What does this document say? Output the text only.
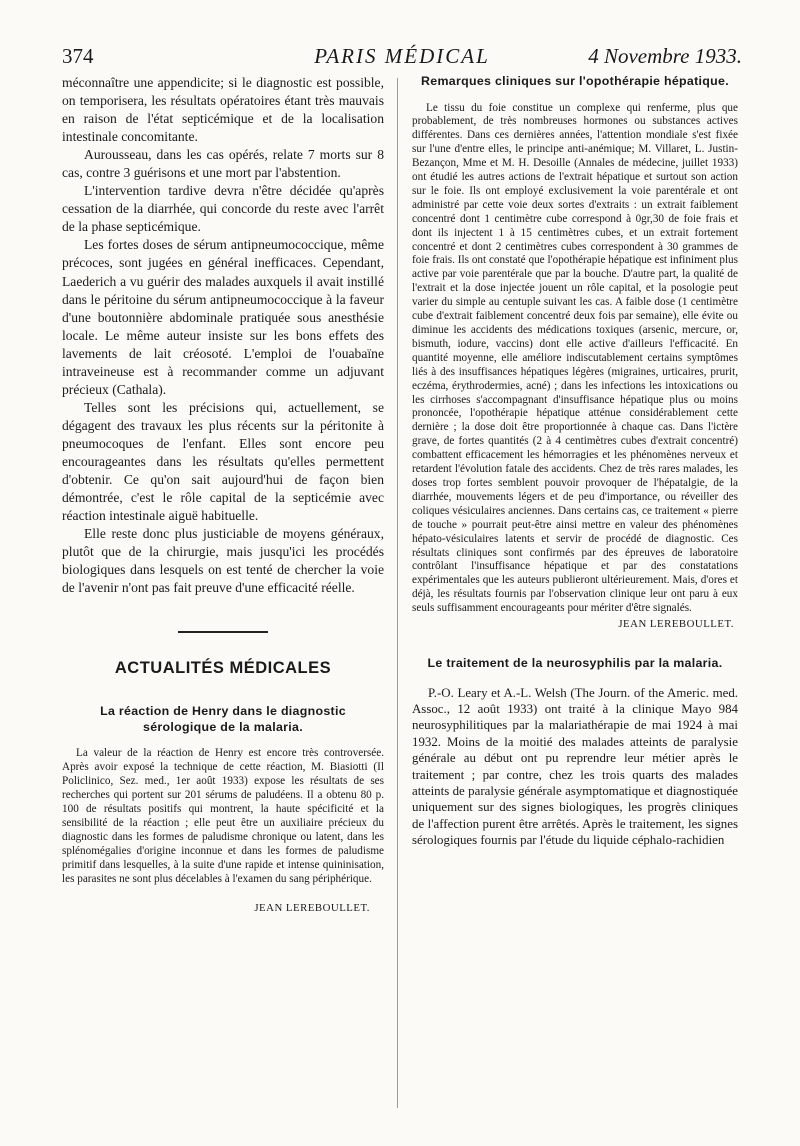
374	PARIS MÉDICAL	4 Novembre 1933.

méconnaître une appendicite; si le diagnostic est possible, on temporisera, les résultats opératoires étant très mauvais en raison de l'état septicémique et de la localisation intestinale concomitante.

Aurousseau, dans les cas opérés, relate 7 morts sur 8 cas, contre 3 guérisons et une mort par l'abstention.

L'intervention tardive devra n'être décidée qu'après cessation de la diarrhée, qui concorde du reste avec l'arrêt de la phase septicémique.

Les fortes doses de sérum antipneumococcique, même précoces, sont jugées en général inefficaces. Cependant, Laederich a vu guérir des malades auxquels il avait instillé dans le péritoine du sérum antipneumococcique à la faveur d'une boutonnière abdominale pratiquée sous anesthésie locale. Le même auteur insiste sur les bons effets des lavements de lait créosoté. L'emploi de l'ouabaïne intraveineuse est à recommander comme un adjuvant précieux (Cathala).

Telles sont les précisions qui, actuellement, se dégagent des travaux les plus récents sur la péritonite à pneumocoques de l'enfant. Elles sont encore peu encourageantes dans les résultats qu'elles permettent d'obtenir. Ce qu'on sait aujourd'hui de façon bien démontrée, c'est le rôle capital de la septicémie avec réaction intestinale aiguë habituelle.

Elle reste donc plus justiciable de moyens généraux, plutôt que de la chirurgie, mais jusqu'ici les procédés biologiques dans lesquels on est tenté de chercher la voie de l'avenir n'ont pas fait preuve d'une efficacité réelle.

ACTUALITÉS MÉDICALES
La réaction de Henry dans le diagnostic sérologique de la malaria.

La valeur de la réaction de Henry est encore très controversée. Après avoir exposé la technique de cette réaction, M. Biasiotti (Il Policlinico, Sez. med., 1er août 1933) expose les résultats de ses recherches qui portent sur 201 sérums de paludéens. Il a obtenu 80 p. 100 de résultats positifs qui montrent, la haute spécificité et la sensibilité de la réaction ; elle peut être un auxiliaire précieux du diagnostic dans les formes de paludisme chronique ou latent, dans les splénomégalies d'origine inconnue et dans les formes de paludisme primitif dans lesquelles, à la suite d'une rapide et intense quininisation, les parasites ne sont plus décelables à l'examen du sang périphérique.

JEAN LEREBOULLET.
Remarques cliniques sur l'opothérapie hépatique.

Le tissu du foie constitue un complexe qui renferme, plus que probablement, de très nombreuses hormones ou substances actives différentes. Dans ces dernières années, l'attention mondiale s'est fixée sur l'une d'entre elles, le principe anti-anémique; M. Villaret, L. Justin-Bezançon, Mme et M. H. Desoille (Annales de médecine, juillet 1933) ont étudié les autres actions de l'extrait hépatique et surtout son action sur le foie. Ils ont employé exclusivement la voie parentérale et ont administré par cette voie deux sortes d'extraits : un extrait faiblement concentré dont 1 centimètre cube correspond à 0gr,30 de foie frais et dont ils injectent 1 à 15 centimètres cubes, et un extrait fortement concentré et dont 2 centimètres cubes correspondent à 30 grammes de foie frais. Ils ont constaté que l'opothérapie hépatique est infiniment plus active par voie parentérale que par la bouche. D'autre part, la qualité de l'extrait et la dose injectée jouent un rôle capital, et la posologie peut varier du simple au centuple suivant les cas. A faible dose (1 centimètre cube d'extrait faiblement concentré deux fois par semaine), elle évite ou diminue les accidents des médications toxiques (arsenic, mercure, or, bismuth, iodure, vaccins) dont elle active d'ailleurs l'efficacité. En quantité moyenne, elle améliore indiscutablement certains symptômes liés à des insuffisances hépatiques légères (migraines, urticaires, prurit, eczéma, érythrodermies, acné) ; dans les infections les intoxications ou les cirrhoses s'accompagnant d'insuffisance hépatique plus ou moins prononcée, l'opothérapie hépatique atténue considérablement cette dernière ; la dose doit être proportionnée à chaque cas. Dans l'ictère grave, de fortes quantités (2 à 4 centimètres cubes d'extrait concentré) combattent efficacement les hémorragies et les phénomènes nerveux et retardent l'évolution fatale des accidents. Chez de très rares malades, les doses trop fortes semblent pouvoir provoquer de l'hépatalgie, de la diarrhée, mouvements légers et de peu d'importance, ou réveiller des coliques vésiculaires anciennes. Dans certains cas, ce traitement « pierre de touche » pourrait peut-être ainsi mettre en valeur des phénomènes hépato-vésiculaires latents et servir de procédé de diagnostic. Ces résultats cliniques sont confirmés par des épreuves de laboratoire contrôlant l'insuffisance hépatique et par des constatations expérimentales que les auteurs publieront ultérieurement. Mais, d'ores et déjà, les résultats fournis par l'observation clinique leur ont paru à eux seuls suffisamment encourageants pour mériter d'être signalés.

JEAN LEREBOULLET.
Le traitement de la neurosyphilis par la malaria.

P.-O. Leary et A.-L. Welsh (The Journ. of the Americ. med. Assoc., 12 août 1933) ont traité à la clinique Mayo 984 neurosyphilitiques par la malariathérapie de mai 1924 à mai 1932. Moins de la moitié des malades atteints de paralysie générale au début ont pu reprendre leur métier après le traitement ; par contre, chez les trois quarts des malades atteints de paralysie générale asymptomatique et diagnostiquée uniquement sur des signes biologiques, les progrès cliniques de l'affection purent être arrêtés. Après le traitement, les signes sérologiques fournis par l'étude du liquide céphalo-rachidien
